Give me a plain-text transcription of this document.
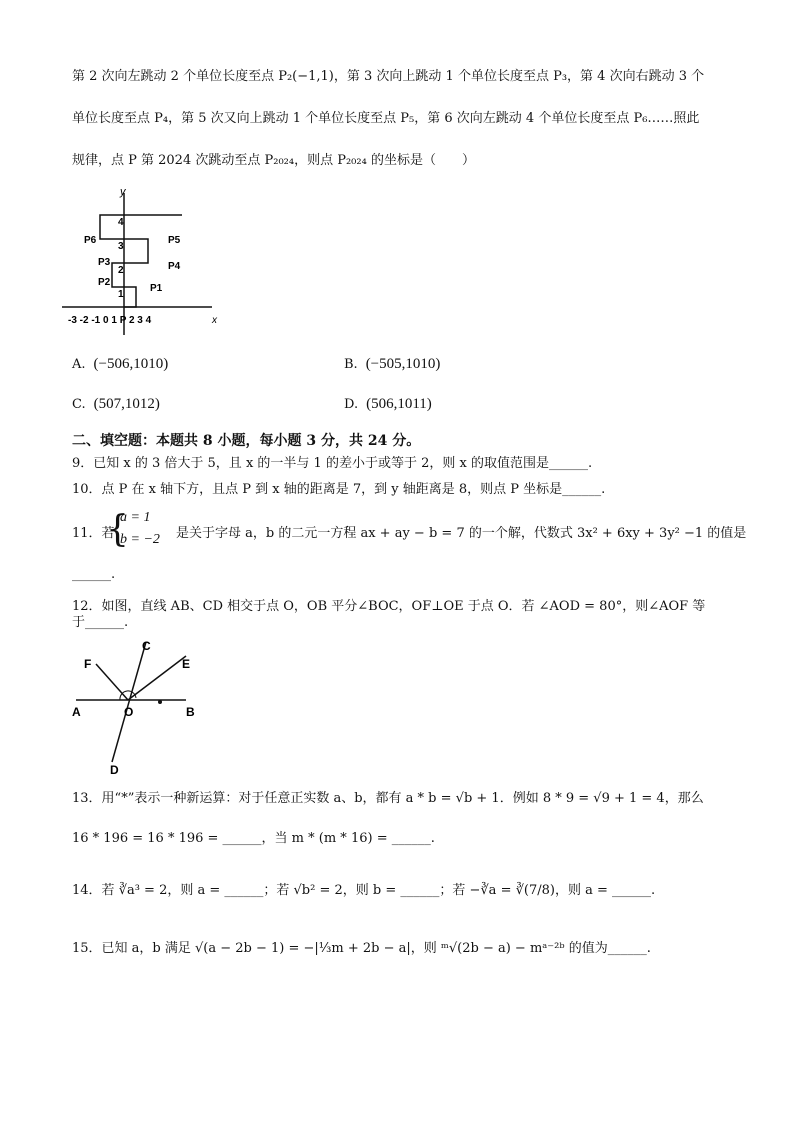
第 2 次向左跳动 2 个单位长度至点 P₂(−1,1)，第 3 次向上跳动 1 个单位长度至点 P₃，第 4 次向右跳动 3 个
单位长度至点 P₄，第 5 次又向上跳动 1 个单位长度至点 P₅，第 6 次向左跳动 4 个单位长度至点 P₆……照此
规律，点 P 第 2024 次跳动至点 P₂₀₂₄，则点 P₂₀₂₄ 的坐标是（　　）
y
1
2
3
4
P1
P2
P3	P4
P5
P6
-3 -2 -1 0 1 P 2 3 4	x
A. (−506,1010)	B. (−505,1010)
C. (507,1012)	D. (506,1011)
二、填空题：本题共 8 小题，每小题 3 分，共 24 分。
9．已知 x 的 3 倍大于 5，且 x 的一半与 1 的差小于或等于 2，则 x 的取值范围是______.
10．点 P 在 x 轴下方，且点 P 到 x 轴的距离是 7，到 y 轴距离是 8，则点 P 坐标是______.
11．若
{
a = 1
b = −2 是关于字母 a，b 的二元一方程 ax + ay − b = 7 的一个解，代数式 3x² + 6xy + 3y² −1 的值是
______.
12．如图，直线 AB、CD 相交于点 O，OB 平分∠BOC，OF⊥OE 于点 O．若 ∠AOD = 80°，则∠AOF 等
于______.
A	B
C
D
E
F
O
13．用“*”表示一种新运算：对于任意正实数 a、b，都有 a * b = √b + 1．例如 8 * 9 = √9 + 1 = 4，那么
16 * 196 = 16 * 196 = ______，当 m * (m * 16) = ______.
14．若 ∛a³ = 2，则 a = ______；若 √b² = 2，则 b = ______；若 −∛a = ∛(7/8)，则 a = ______.
15．已知 a，b 满足 √(a − 2b − 1) = −|⅓m + 2b − a|，则 ᵐ√(2b − a) − mᵃ⁻²ᵇ 的值为______.
